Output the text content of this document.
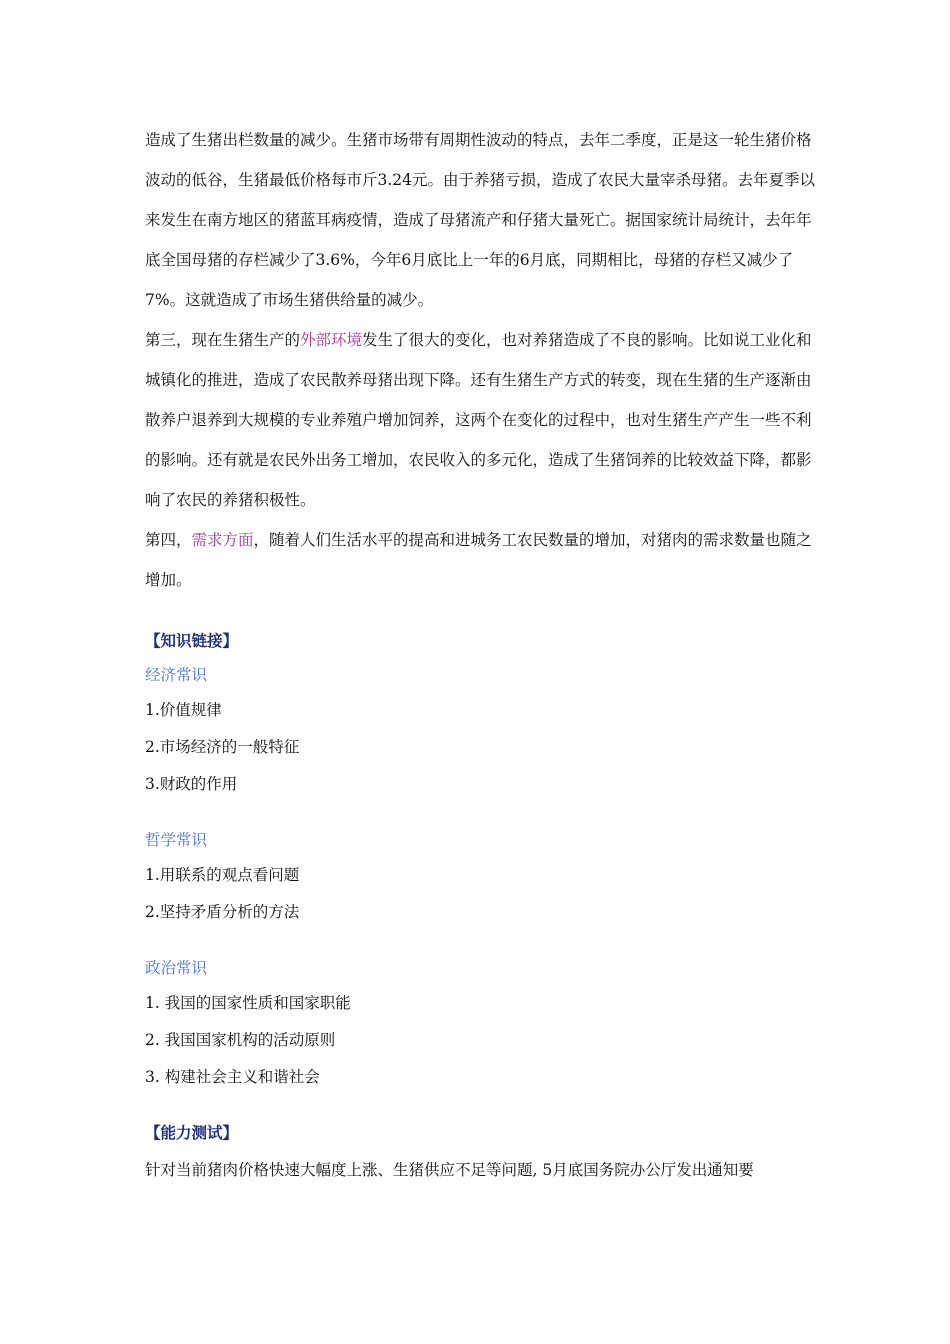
造成了生猪出栏数量的减少。生猪市场带有周期性波动的特点，去年二季度，正是这一轮生猪价格波动的低谷，生猪最低价格每市斤3.24元。由于养猪亏损，造成了农民大量宰杀母猪。去年夏季以来发生在南方地区的猪蓝耳病疫情，造成了母猪流产和仔猪大量死亡。据国家统计局统计，去年年底全国母猪的存栏减少了3.6%，今年6月底比上一年的6月底，同期相比，母猪的存栏又减少了7%。这就造成了市场生猪供给量的减少。

第三，现在生猪生产的外部环境发生了很大的变化，也对养猪造成了不良的影响。比如说工业化和城镇化的推进，造成了农民散养母猪出现下降。还有生猪生产方式的转变，现在生猪的生产逐渐由散养户退养到大规模的专业养殖户增加饲养，这两个在变化的过程中，也对生猪生产产生一些不利的影响。还有就是农民外出务工增加，农民收入的多元化，造成了生猪饲养的比较效益下降，都影响了农民的养猪积极性。

第四，需求方面，随着人们生活水平的提高和进城务工农民数量的增加，对猪肉的需求数量也随之增加。

【知识链接】

经济常识

1.价值规律

2.市场经济的一般特征

3.财政的作用

哲学常识

1.用联系的观点看问题

2.坚持矛盾分析的方法

政治常识

1. 我国的国家性质和国家职能

2. 我国国家机构的活动原则

3. 构建社会主义和谐社会

【能力测试】

针对当前猪肉价格快速大幅度上涨、生猪供应不足等问题, 5月底国务院办公厅发出通知要
